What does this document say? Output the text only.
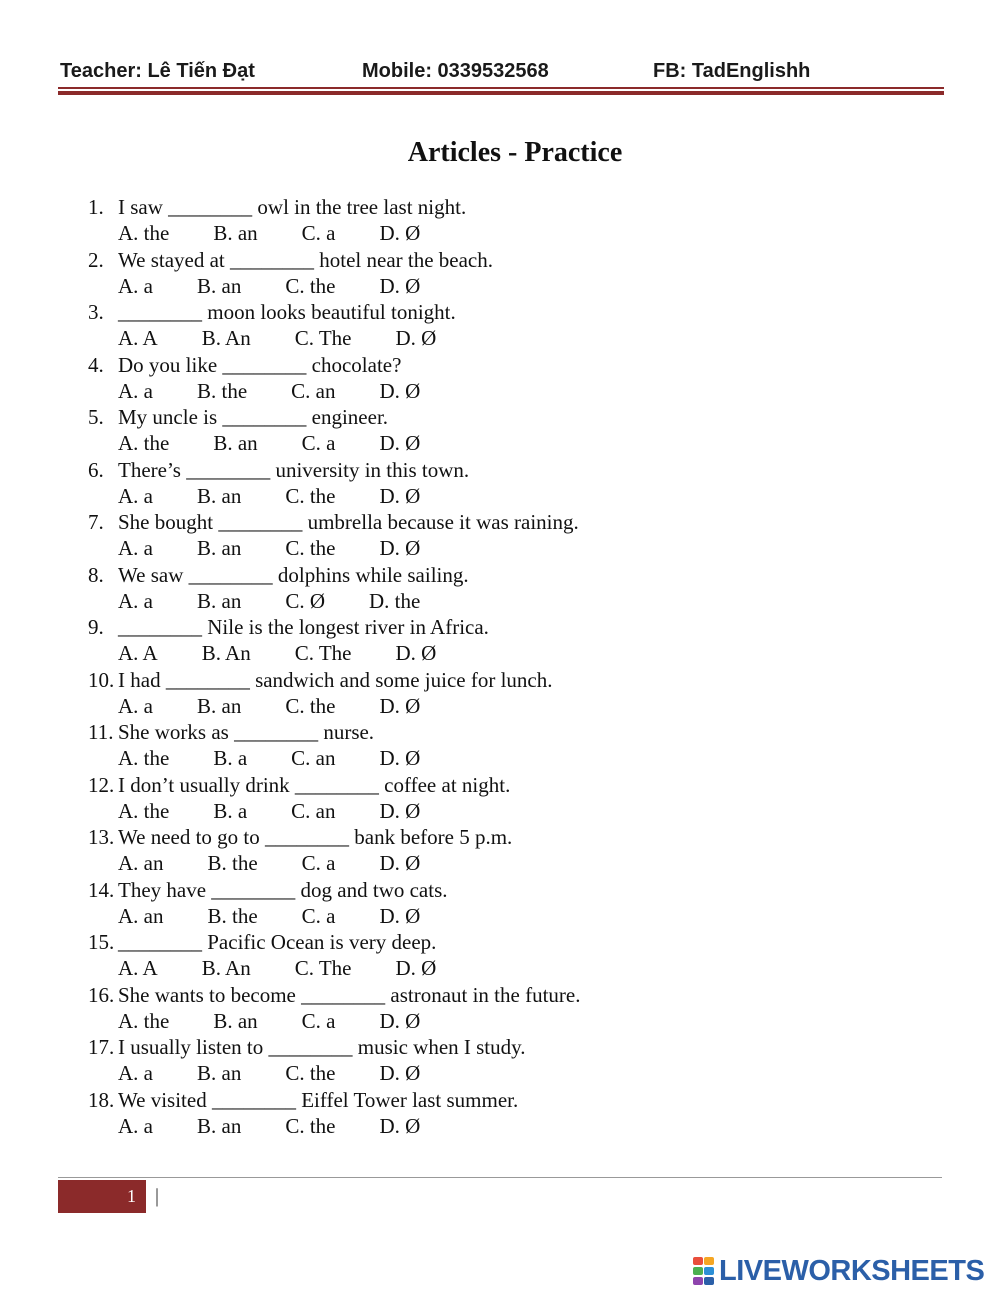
Teacher: Lê Tiến Đạt	Mobile: 0339532568	FB: TadEnglishh
Articles - Practice
1. I saw ________ owl in the tree last night.
A. the B. an C. a D. Ø
2. We stayed at ________ hotel near the beach.
A. a B. an C. the D. Ø
3. ________ moon looks beautiful tonight.
A. A B. An C. The D. Ø
4. Do you like ________ chocolate?
A. a B. the C. an D. Ø
5. My uncle is ________ engineer.
A. the B. an C. a D. Ø
6. There’s ________ university in this town.
A. a B. an C. the D. Ø
7. She bought ________ umbrella because it was raining.
A. a B. an C. the D. Ø
8. We saw ________ dolphins while sailing.
A. a B. an C. Ø D. the
9. ________ Nile is the longest river in Africa.
A. A B. An C. The D. Ø
10. I had ________ sandwich and some juice for lunch.
A. a B. an C. the D. Ø
11. She works as ________ nurse.
A. the B. a C. an D. Ø
12. I don’t usually drink ________ coffee at night.
A. the B. a C. an D. Ø
13. We need to go to ________ bank before 5 p.m.
A. an B. the C. a D. Ø
14. They have ________ dog and two cats.
A. an B. the C. a D. Ø
15. ________ Pacific Ocean is very deep.
A. A B. An C. The D. Ø
16. She wants to become ________ astronaut in the future.
A. the B. an C. a D. Ø
17. I usually listen to ________ music when I study.
A. a B. an C. the D. Ø
18. We visited ________ Eiffel Tower last summer.
A. a B. an C. the D. Ø
1 |
LIVEWORKSHEETS
